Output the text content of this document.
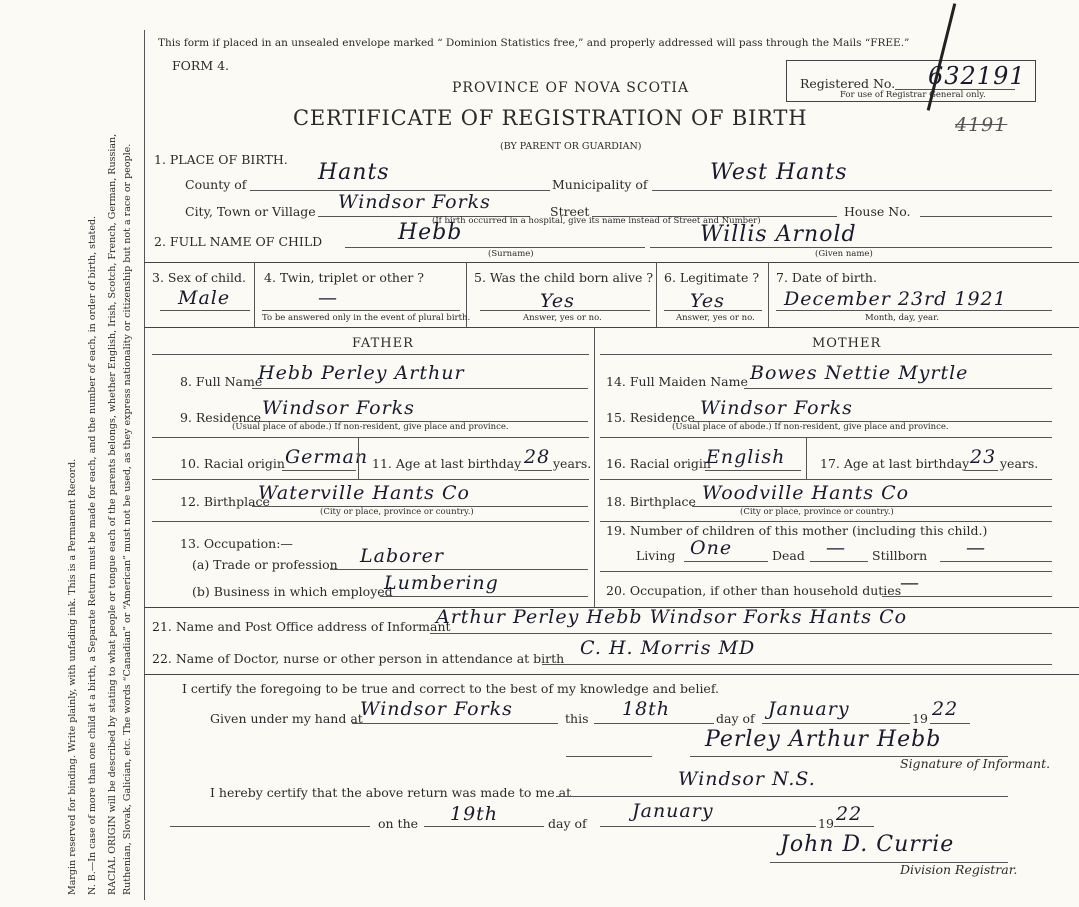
Margin reserved for binding. Write plainly, with unfading ink. This is a Permanent Record. N. B.—In case of more than one child at a birth, a Separate Return must be made for each, and the number of each, in order of birth, stated. RACIAL ORIGIN will be described by stating to what people or tongue each of the parents belongs, whether English, Irish, Scotch, French, German, Russian, Ruthenian, Slovak, Galician, etc. The words “Canadian” or “American” must not be used, as they express nationality or citizenship but not a race or people.
This form if placed in an unsealed envelope marked “ Dominion Statistics free,” and properly addressed will pass through the Mails “FREE.”
FORM 4.
PROVINCE OF NOVA SCOTIA	Registered No. 632191
For use of Registrar General only.
CERTIFICATE OF REGISTRATION OF BIRTH	4191
(BY PARENT OR GUARDIAN)
1. PLACE OF BIRTH.
County of	Hants	Municipality of	West Hants
City, Town or Village Windsor Forks	Street	House No.
(If birth occurred in a hospital, give its name instead of Street and Number)
2. FULL NAME OF CHILD	Hebb
(Surname)
Willis Arnold
(Given name)
3. Sex of child.
Male
4. Twin, triplet or other ?
—
To be answered only in the event of plural birth.
5. Was the child born alive ?
Yes
Answer, yes or no.
6. Legitimate ?
Yes
Answer, yes or no.
7. Date of birth.
December 23rd 1921
Month, day, year.
FATHER	MOTHER
8. Full Name
Hebb Perley Arthur
9. Residence Windsor Forks
(Usual place of abode.) If non-resident, give place and province.
10. Racial origin German 11. Age at last birthday 28 years.
12. Birthplace
Waterville Hants Co
(City or place, province or country.)
14. Full Maiden Name Bowes Nettie Myrtle
15. Residence Windsor Forks
(Usual place of abode.) If non-resident, give place and province.
16. Racial origin
English	17. Age at last birthday 23 years.
18. Birthplace Woodville Hants Co
(City or place, province or country.)
19. Number of children of this mother (including this child.)
Living One	Dead — Stillborn —
20. Occupation, if other than household duties
—
13. Occupation:—
(a) Trade or profession Laborer
(b) Business in which employed
Lumbering
21. Name and Post Office address of Informant
Arthur Perley Hebb Windsor Forks Hants Co
22. Name of Doctor, nurse or other person in attendance at birth C. H. Morris MD
I certify the foregoing to be true and correct to the best of my knowledge and belief.
Given under my hand at
Windsor Forks	this 18th	day of January	19 22
Perley Arthur Hebb
Signature of Informant.
I hereby certify that the above return was made to me at
Windsor N.S.
on the 19th	day of
January
19 22
John D. Currie
Division Registrar.
